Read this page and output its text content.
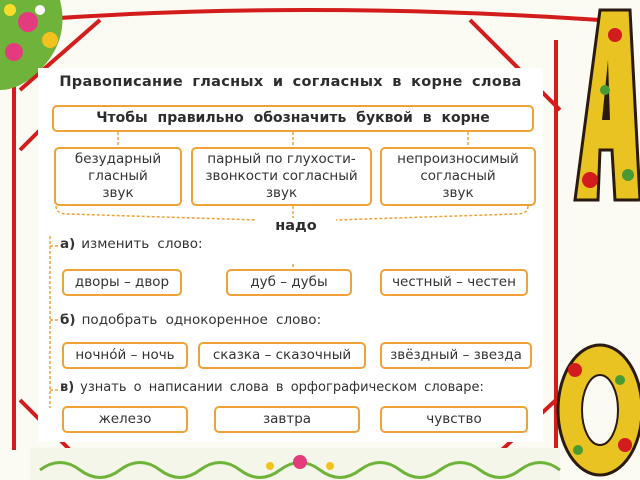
Правописание гласных и согласных в корне слова
Чтобы правильно обозначить буквой в корне
безударный
гласный
звук
парный по глухости-
звонкости согласный
звук
непроизносимый
согласный
звук
надо
а) изменить слово:
дворы – двор	дуб – дубы	честный – честен
б) подобрать однокоренное слово:
ночно́й – ночь	сказка – сказочный	звёздный – звезда
в) узнать о написании слова в орфографическом словаре:
железо	завтра	чувство
